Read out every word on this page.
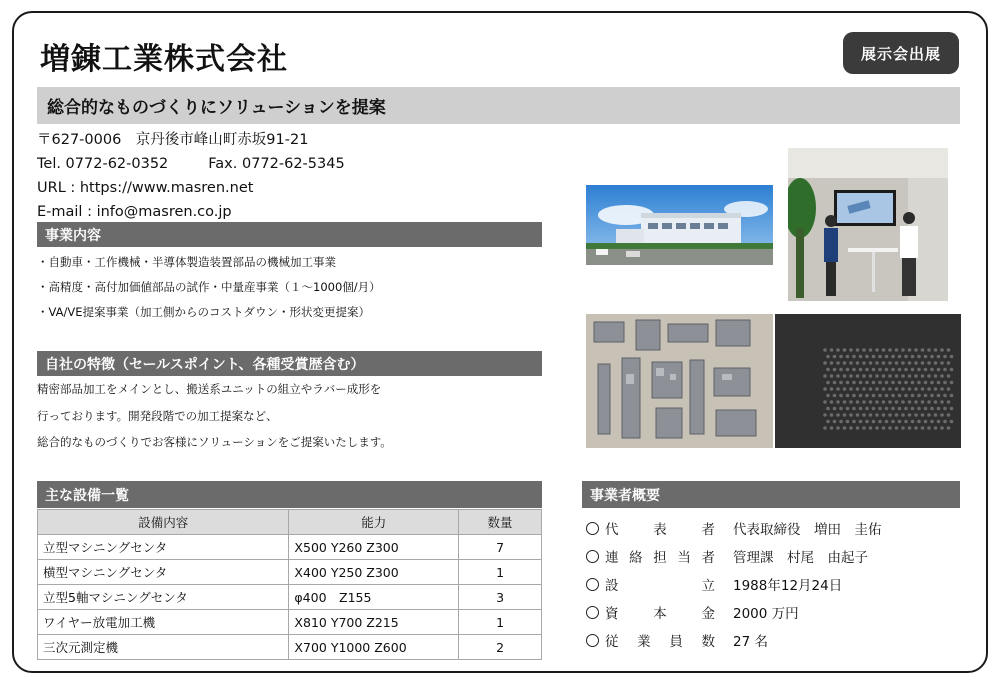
増錬工業株式会社	展示会出展
総合的なものづくりにソリューションを提案
〒627-0006　京丹後市峰山町赤坂91-21
Tel. 0772-62-0352	Fax. 0772-62-5345
URL : https://www.masren.net
E-mail : info@masren.co.jp
事業内容
・自動車・工作機械・半導体製造装置部品の機械加工事業
・高精度・高付加価値部品の試作・中量産事業（１～1000個/月）
・VA/VE提案事業（加工側からのコストダウン・形状変更提案）
自社の特徴（セールスポイント、各種受賞歴含む）
精密部品加工をメインとし、搬送系ユニットの組立やラバー成形を
行っております。開発段階での加工提案など、
総合的なものづくりでお客様にソリューションをご提案いたします。
主な設備一覧
設備内容	能力	数量
立型マシニングセンタ	X500 Y260 Z300	7
横型マシニングセンタ	X400 Y250 Z300	1
立型5軸マシニングセンタ	φ400　Z155	3
ワイヤー放電加工機	X810 Y700 Z215	1
三次元測定機	X700 Y1000 Z600	2
事業者概要
代	表	者 代表取締役　増田　圭佑
連 絡 担 当 者 管理課　村尾　由起子
設	立 1988年12月24日
資	本	金 2000 万円
従 業 員 数 27 名
